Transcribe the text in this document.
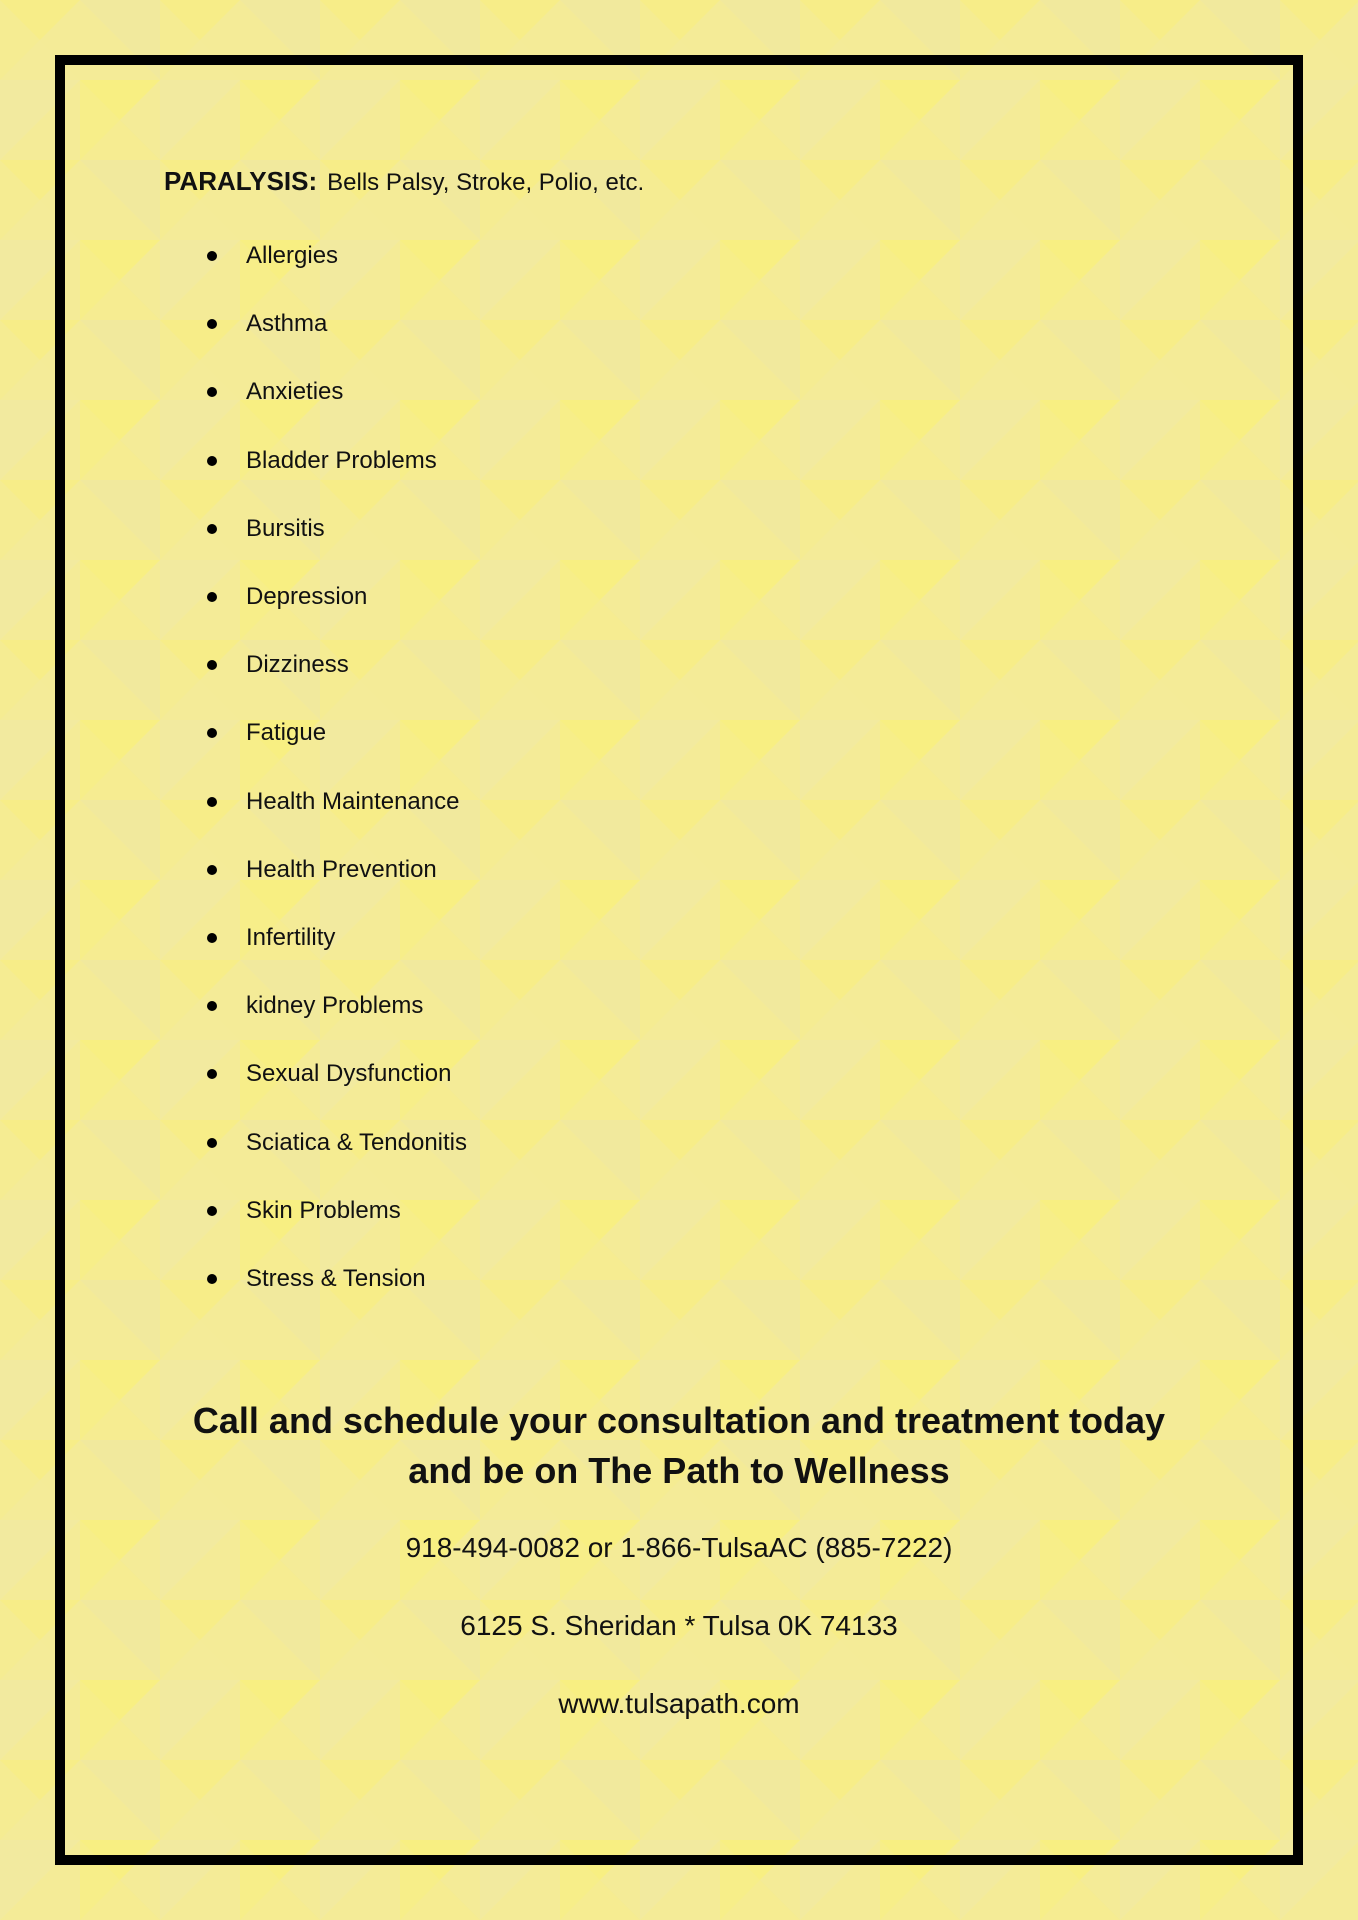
PARALYSIS: Bells Palsy, Stroke, Polio, etc.
Allergies
Asthma
Anxieties
Bladder Problems
Bursitis
Depression
Dizziness
Fatigue
Health Maintenance
Health Prevention
Infertility
kidney Problems
Sexual Dysfunction
Sciatica & Tendonitis
Skin Problems
Stress & Tension
Call and schedule your consultation and treatment today
and be on The Path to Wellness
918-494-0082 or 1-866-TulsaAC (885-7222)
6125 S. Sheridan * Tulsa 0K 74133
www.tulsapath.com
